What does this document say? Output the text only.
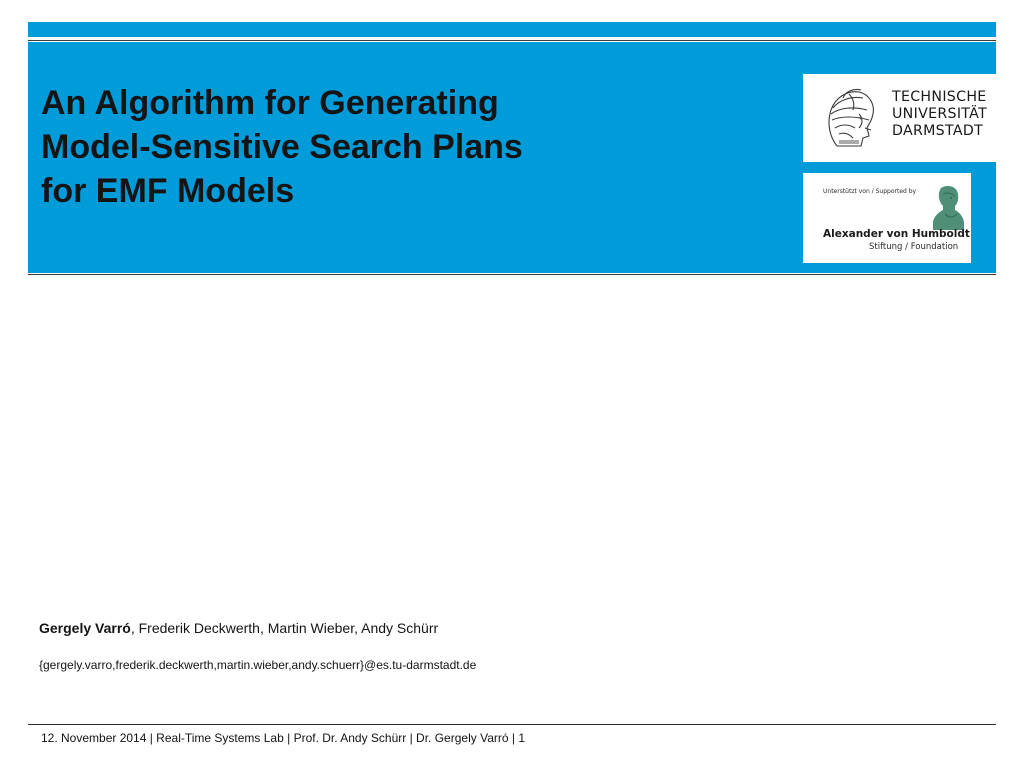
An Algorithm for Generating
Model-Sensitive Search Plans
for EMF Models
TECHNISCHE
UNIVERSITÄT
DARMSTADT
Unterstützt von / Supported by
Alexander von Humboldt
Stiftung / Foundation
Gergely Varró, Frederik Deckwerth, Martin Wieber, Andy Schürr
{gergely.varro,frederik.deckwerth,martin.wieber,andy.schuerr}@es.tu-darmstadt.de
12. November 2014 | Real-Time Systems Lab | Prof. Dr. Andy Schürr | Dr. Gergely Varró | 1
